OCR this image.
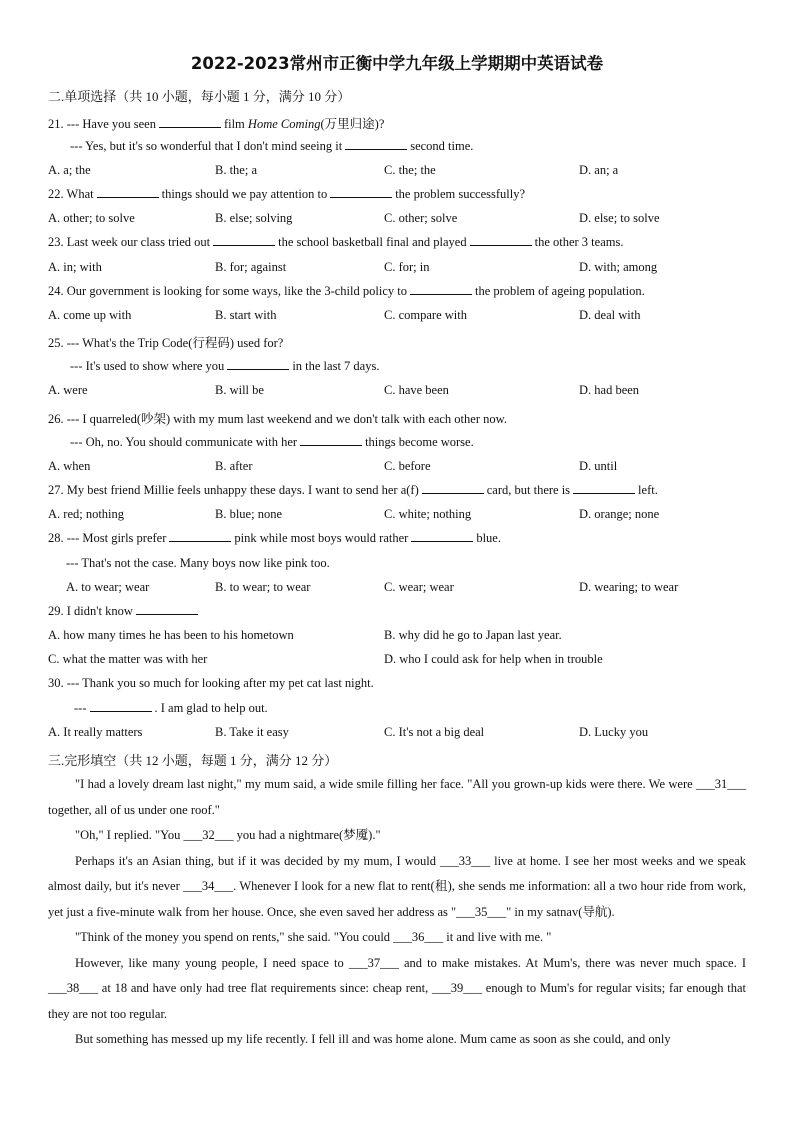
2022-2023常州市正衡中学九年级上学期期中英语试卷
二.单项选择（共 10 小题，每小题 1 分，满分 10 分）
21. --- Have you seen	film Home Coming(万里归途)?
--- Yes, but it's so wonderful that I don't mind seeing it	second time.
A. a; the	B. the; a	C. the; the	D. an; a
22. What	things should we pay attention to	the problem successfully?
A. other; to solve	B. else; solving	C. other; solve	D. else; to solve
23. Last week our class tried out	the school basketball final and played	the other 3 teams.
A. in; with	B. for; against	C. for; in	D. with; among
24. Our government is looking for some ways, like the 3-child policy to	the problem of ageing population.
A. come up with	B. start with	C. compare with	D. deal with
25. --- What's the Trip Code(行程码) used for?
--- It's used to show where you	in the last 7 days.
A. were	B. will be	C. have been	D. had been
26. --- I quarreled(吵架) with my mum last weekend and we don't talk with each other now.
--- Oh, no. You should communicate with her	things become worse.
A. when	B. after	C. before	D. until
27. My best friend Millie feels unhappy these days. I want to send her a(f)	card, but there is	left.
A. red; nothing	B. blue; none	C. white; nothing	D. orange; none
28. --- Most girls prefer	pink while most boys would rather	blue.
--- That's not the case. Many boys now like pink too.
A. to wear; wear	B. to wear; to wear	C. wear; wear	D. wearing; to wear
29. I didn't know
A. how many times he has been to his hometown	B. why did he go to Japan last year.
C. what the matter was with her	D. who I could ask for help when in trouble
30. --- Thank you so much for looking after my pet cat last night.
---	. I am glad to help out.
A. It really matters	B. Take it easy	C. It's not a big deal	D. Lucky you
三.完形填空（共 12 小题，每题 1 分，满分 12 分）

"I had a lovely dream last night," my mum said, a wide smile filling her face. "All you grown-up kids were there. We were ___31___ together, all of us under one roof."

"Oh," I replied. "You ___32___ you had a nightmare(梦魇)."

Perhaps it's an Asian thing, but if it was decided by my mum, I would ___33___ live at home. I see her most weeks and we speak almost daily, but it's never ___34___. Whenever I look for a new flat to rent(租), she sends me information: all a two hour ride from work, yet just a five-minute walk from her house. Once, she even saved her address as "___35___" in my satnav(导航).

"Think of the money you spend on rents," she said. "You could ___36___ it and live with me. "

However, like many young people, I need space to ___37___ and to make mistakes. At Mum's, there was never much space. I ___38___ at 18 and have only had tree flat requirements since: cheap rent, ___39___ enough to Mum's for regular visits; far enough that they are not too regular.

But something has messed up my life recently. I fell ill and was home alone. Mum came as soon as she could, and only
